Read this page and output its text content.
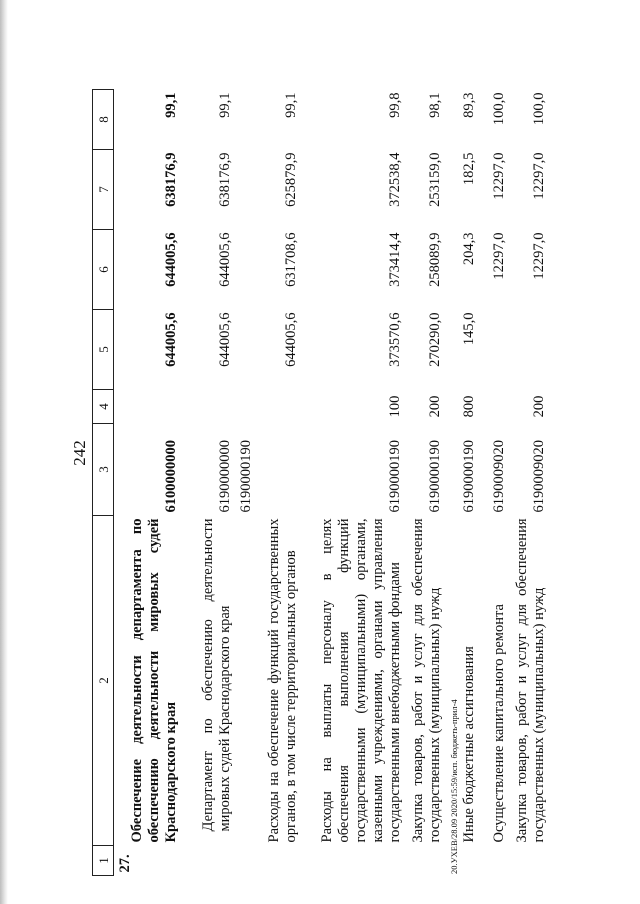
242
20.УХЕВ/28.09 2020/15:59/исп. бюджеть-прил-4
1	2	3	4	5	6	7	8
27.	Обеспечение деятельности департамента по обеспечению деятельности мировых судей Краснодарского края	6100000000		644005,6	644005,6	638176,9	99,1
	Департамент по обеспечению деятельности мировых судей Краснодарского края	6190000000		644005,6	644005,6	638176,9	99,1
	Расходы на обеспечение функций государственных органов, в том числе территориальных органов	6190000190		644005,6	631708,6	625879,9	99,1
	Расходы на выплаты персоналу в целях обеспечения выполнения функций государственными (муниципальными) органами, казенными учреждениями, органами управления государственными внебюджетными фондами	6190000190	100	373570,6	373414,4	372538,4	99,8
	Закупка товаров, работ и услуг для обеспечения государственных (муниципальных) нужд	6190000190	200	270290,0	258089,9	253159,0	98,1
	Иные бюджетные ассигнования	6190000190	800	145,0	204,3	182,5	89,3
	Осуществление капитального ремонта	6190009020			12297,0	12297,0	100,0
	Закупка товаров, работ и услуг для обеспечения государственных (муниципальных) нужд	6190009020	200		12297,0	12297,0	100,0
